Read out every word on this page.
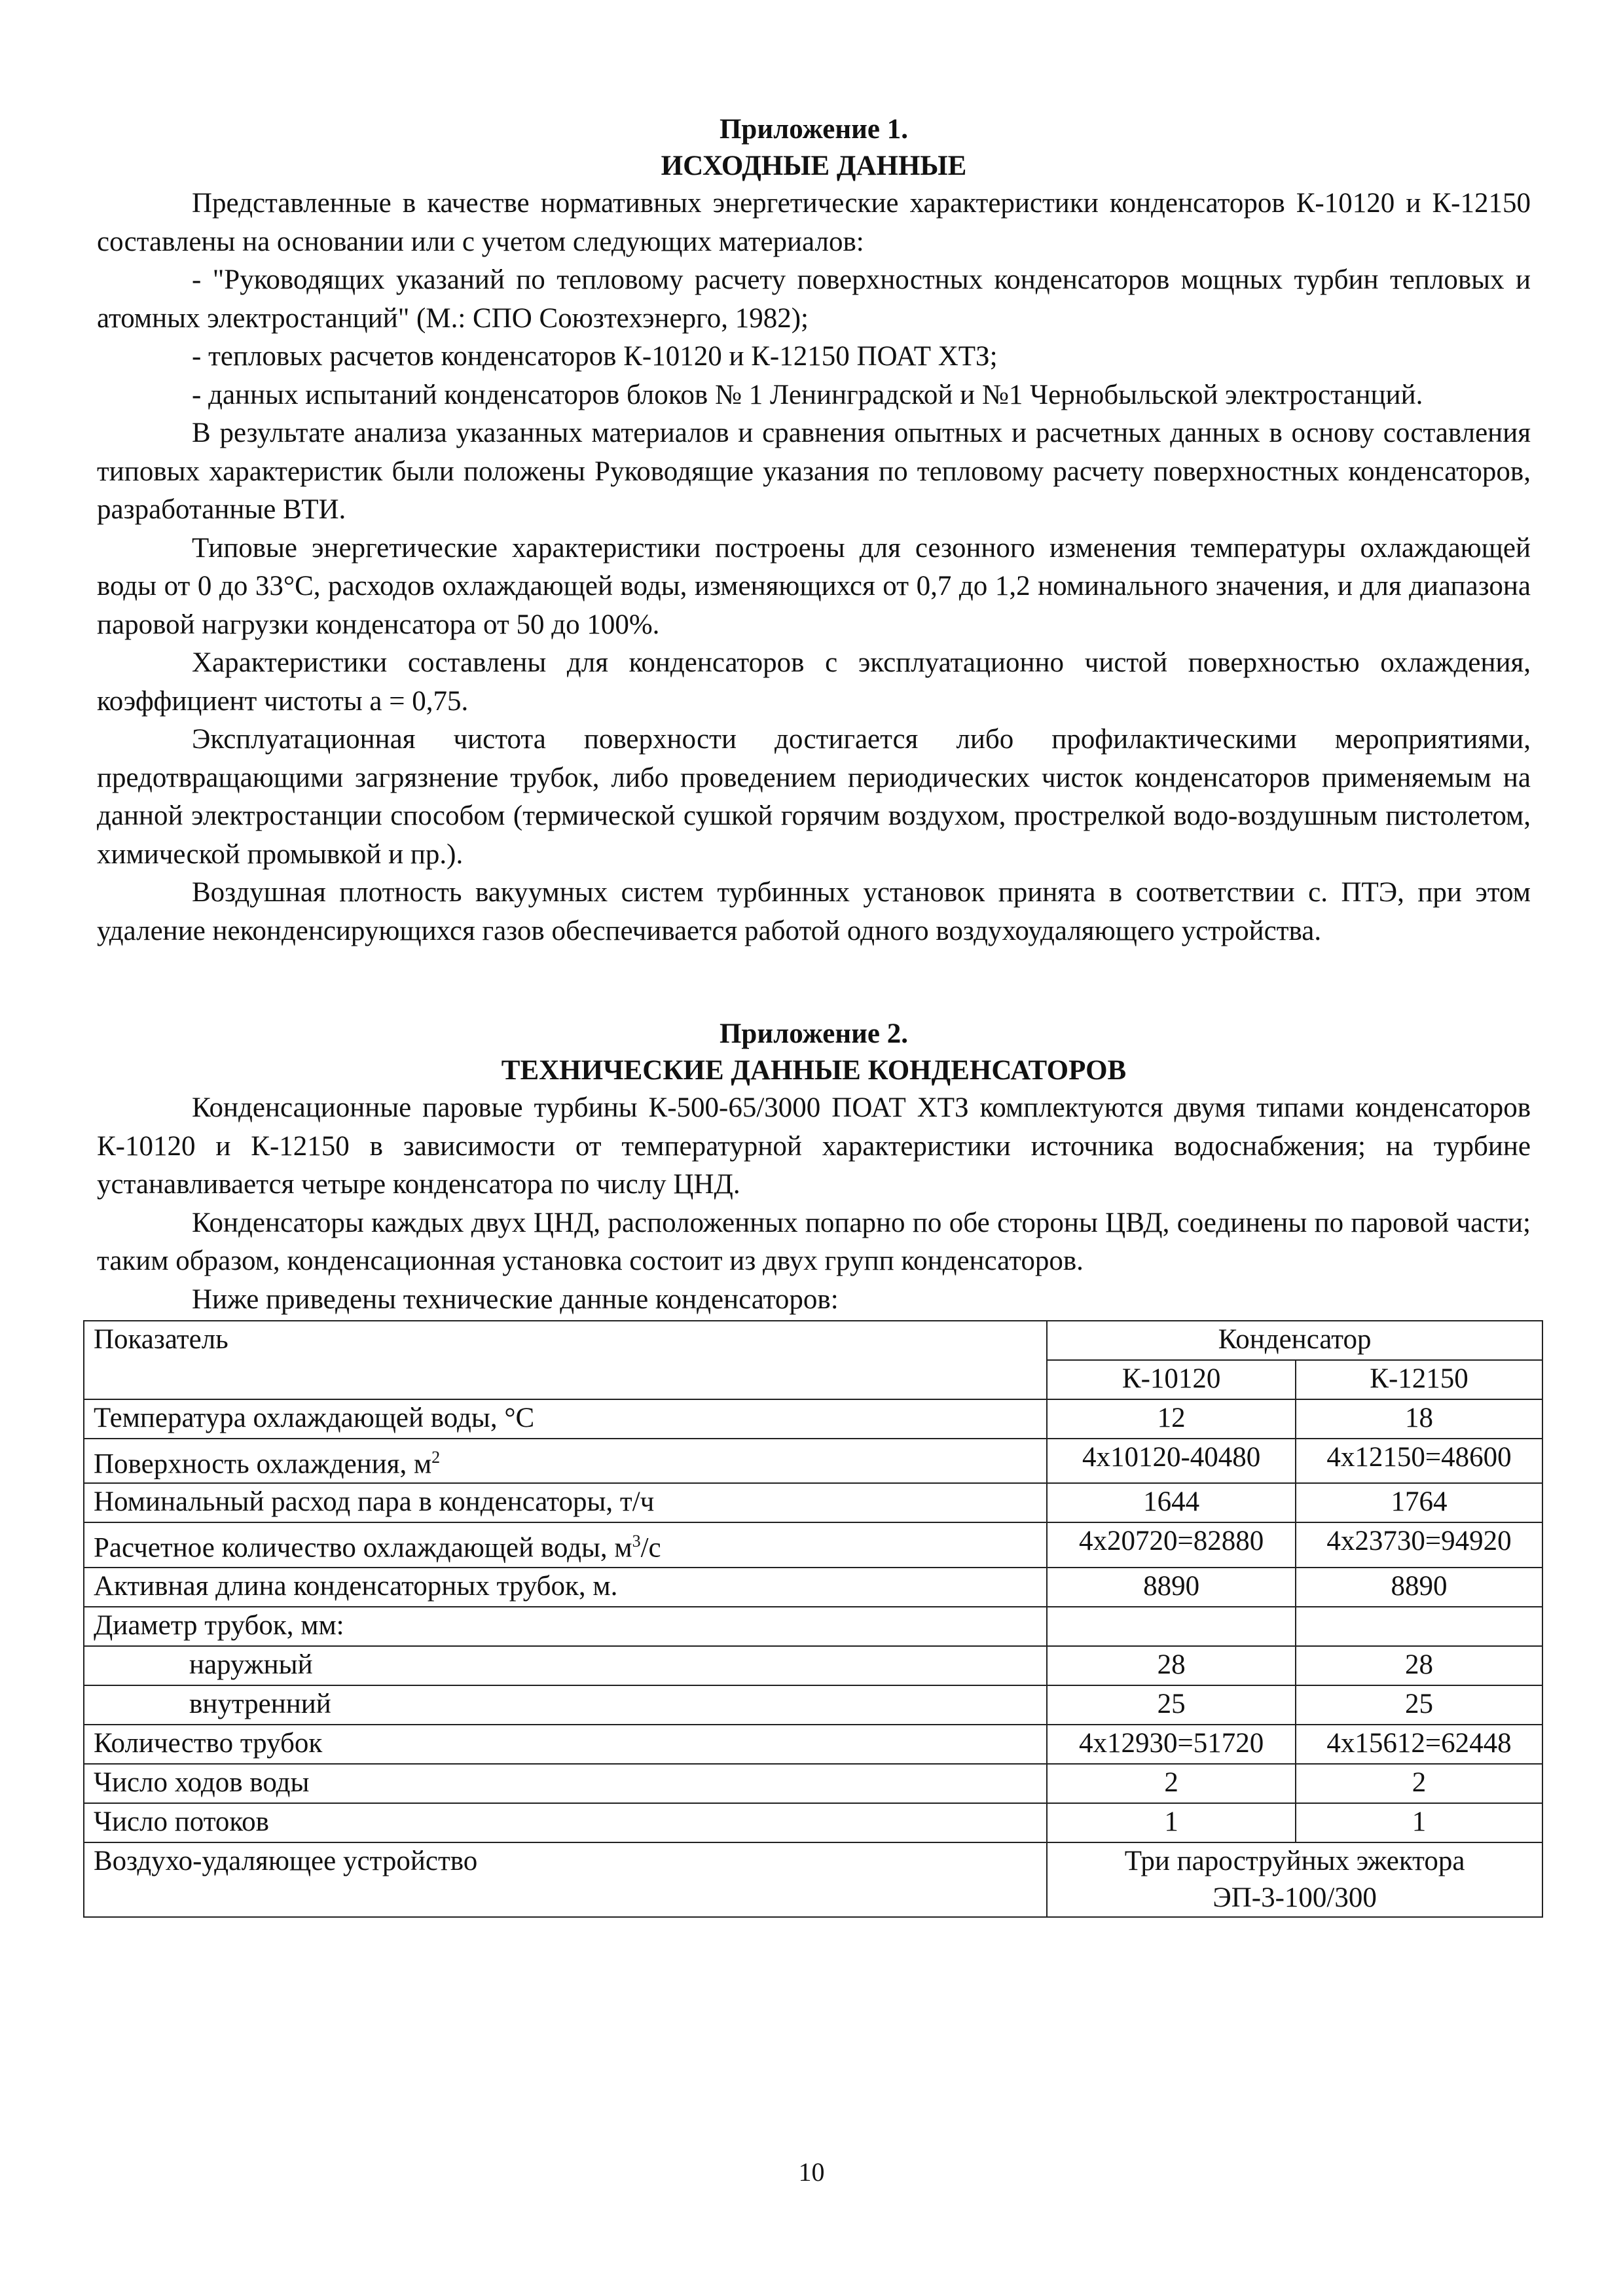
Приложение 1.

ИСХОДНЫЕ ДАННЫЕ

Представленные в качестве нормативных энергетические характеристики конденсаторов К-10120 и К-12150 составлены на основании или с учетом следующих материалов:

- "Руководящих указаний по тепловому расчету поверхностных конденсаторов мощных турбин тепловых и атомных электростанций" (М.: СПО Союзтехэнерго, 1982);

- тепловых расчетов конденсаторов К-10120 и К-12150 ПОАТ ХТЗ;

- данных испытаний конденсаторов блоков № 1 Ленинградской и №1 Чернобыльской электростанций.

В результате анализа указанных материалов и сравнения опытных и расчетных данных в основу составления типовых характеристик были положены Руководящие указания по тепловому расчету поверхностных конденсаторов, разработанные ВТИ.

Типовые энергетические характеристики построены для сезонного изменения температуры охлаждающей воды от 0 до 33°С, расходов охлаждающей воды, изменяющихся от 0,7 до 1,2 номинального значения, и для диапазона паровой нагрузки конденсатора от 50 до 100%.

Характеристики составлены для конденсаторов с эксплуатационно чистой поверхностью охлаждения, коэффициент чистоты а = 0,75.

Эксплуатационная чистота поверхности достигается либо профилактическими мероприятиями, предотвращающими загрязнение трубок, либо проведением периодических чисток конденсаторов применяемым на данной электростанции способом (термической сушкой горячим воздухом, прострелкой водо-воздушным пистолетом, химической промывкой и пр.).

Воздушная плотность вакуумных систем турбинных установок принята в соответствии с. ПТЭ, при этом удаление неконденсирующихся газов обеспечивается работой одного воздухоудаляющего устройства.

Приложение 2.

ТЕХНИЧЕСКИЕ ДАННЫЕ КОНДЕНСАТОРОВ

Конденсационные паровые турбины К-500-65/3000 ПОАТ ХТЗ комплектуются двумя типами конденсаторов К-10120 и К-12150 в зависимости от температурной характеристики источника водоснабжения; на турбине устанавливается четыре конденсатора по числу ЦНД.

Конденсаторы каждых двух ЦНД, расположенных попарно по обе стороны ЦВД, соединены по паровой части; таким образом, конденсационная установка состоит из двух групп конденсаторов.

Ниже приведены технические данные конденсаторов:

Показатель	Конденсатор	
	К-10120	К-12150
Температура охлаждающей воды, °С	12	18
Поверхность охлаждения, $м^2$	4x10120-40480	4x12150=48600
Номинальный расход пара в конденсаторы, т/ч	1644	1764
Расчетное количество охлаждающей воды, $м^3/с$	4x20720=82880	4x23730=94920
Активная длина конденсаторных трубок, м.	8890	8890
Диаметр трубок, мм:		
наружный	28	28
внутренний	25	25
Количество трубок	4x12930=51720	4x15612=62448
Число ходов воды	2	2
Число потоков	1	1
Воздухо-удаляющее устройство	Три пароструйных эжектора
ЭП-3-100/300	
10
